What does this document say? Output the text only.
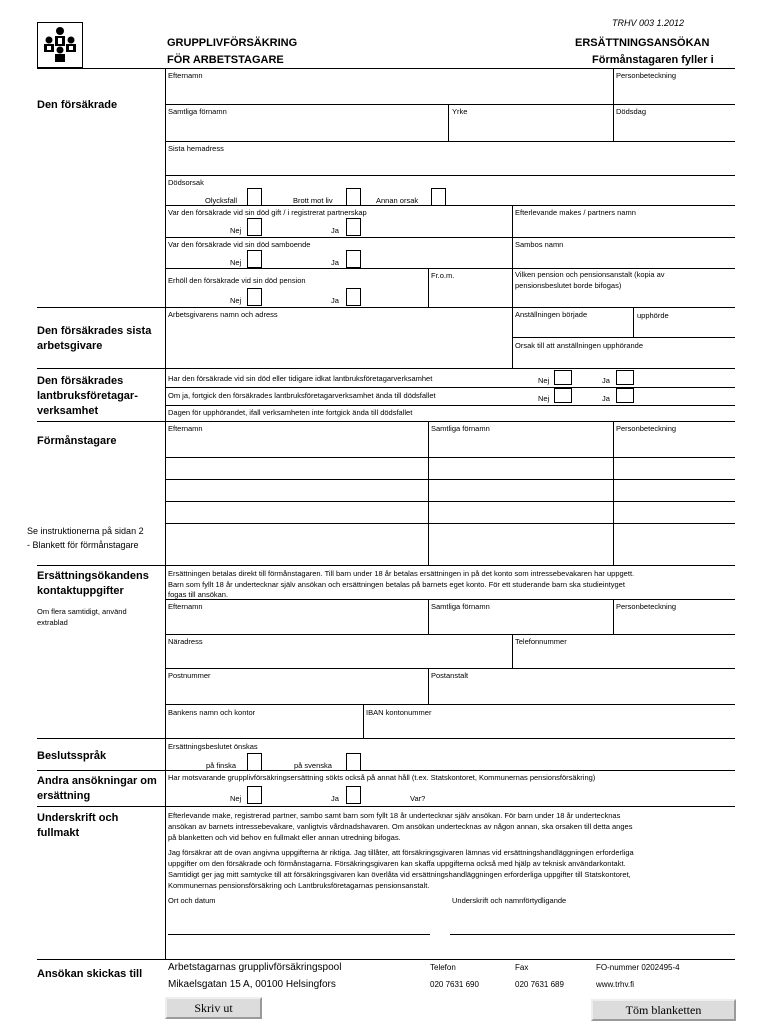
TRHV 003 1.2012
GRUPPLIVFÖRSÄKRING
FÖR ARBETSTAGARE
ERSÄTTNINGSANSÖKAN
Förmånstagaren fyller i
Den försäkrade
Den försäkrades sista
arbetsgivare
Den försäkrades
lantbruksföretagar-
verksamhet
Förmånstagare
Se instruktionerna på sidan 2
- Blankett för förmånstagare
Ersättningsökandens
kontaktuppgifter
Om flera samtidigt, använd
extrablad
Beslutsspråk
Andra ansökningar om
ersättning
Underskrift och
fullmakt
Ansökan skickas till
Efternamn	Personbeteckning
Samtliga förnamn	Yrke	Dödsdag
Sista hemadress
Dödsorsak
Olycksfall	Brott mot liv	Annan orsak
Var den försäkrade vid sin död gift / i registrerat partnerskap	Efterlevande makes / partners namn
Nej	Ja
Var den försäkrade vid sin död samboende	Sambos namn
Nej	Ja
Erhöll den försäkrade vid sin död pension
Fr.o.m.	Vilken pension och pensionsanstalt (kopia av
pensionsbeslutet borde bifogas)
Nej	Ja
Arbetsgivarens namn och adress	Anställningen började	upphörde
Orsak till att anställningen upphörande
Har den försäkrade vid sin död eller tidigare idkat lantbruksföretagarverksamhet	Nej	Ja
Om ja, fortgick den försäkrades lantbruksföretagarverksamhet ända till dödsfallet	Nej	Ja
Dagen för upphörandet, ifall verksamheten inte fortgick ända till dödsfallet
Efternamn	Samtliga förnamn	Personbeteckning
Ersättningen betalas direkt till förmånstagaren. Till barn under 18 år betalas ersättningen in på det konto som intressebevakaren har uppgett.
Barn som fyllt 18 år undertecknar själv ansökan och ersättningen betalas på barnets eget konto. För ett studerande barn ska studieintyget
fogas till ansökan.
Efternamn	Samtliga förnamn	Personbeteckning
Näradress	Telefonnummer
Postnummer	Postanstalt
Bankens namn och kontor	IBAN kontonummer
Ersättningsbeslutet önskas
på finska	på svenska
Har motsvarande grupplivförsäkringsersättning sökts också på annat håll (t.ex. Statskontoret, Kommunernas pensionsförsäkring)
Nej	Ja	Var?
Efterlevande make, registrerad partner, sambo samt barn som fyllt 18 år undertecknar själv ansökan. För barn under 18 år undertecknas
ansökan av barnets intressebevakare, vanligtvis vårdnadshavaren. Om ansökan undertecknas av någon annan, ska orsaken till detta anges
på blanketten och vid behov en fullmakt eller annan utredning bifogas.
Jag försäkrar att de ovan angivna uppgifterna är riktiga. Jag tillåter, att försäkringsgivaren lämnas vid ersättningshandläggningen erforderliga
uppgifter om den försäkrade och förmånstagarna. Försäkringsgivaren kan skaffa uppgifterna också med hjälp av teknisk användarkontakt.
Samtidigt ger jag mitt samtycke till att försäkringsgivaren kan överlåta vid ersättningshandläggningen erforderliga uppgifter till Statskontoret,
Kommunernas pensionsförsäkring och Lantbruksföretagarnas pensionsanstalt.
Ort och datum	Underskrift och namnförtydligande
Arbetstagarnas grupplivförsäkringspool
Mikaelsgatan 15 A, 00100 Helsingfors
Telefon
020 7631 690
Fax
020 7631 689
FO-nummer 0202495-4
www.trhv.fi
Skriv ut	Töm blanketten
